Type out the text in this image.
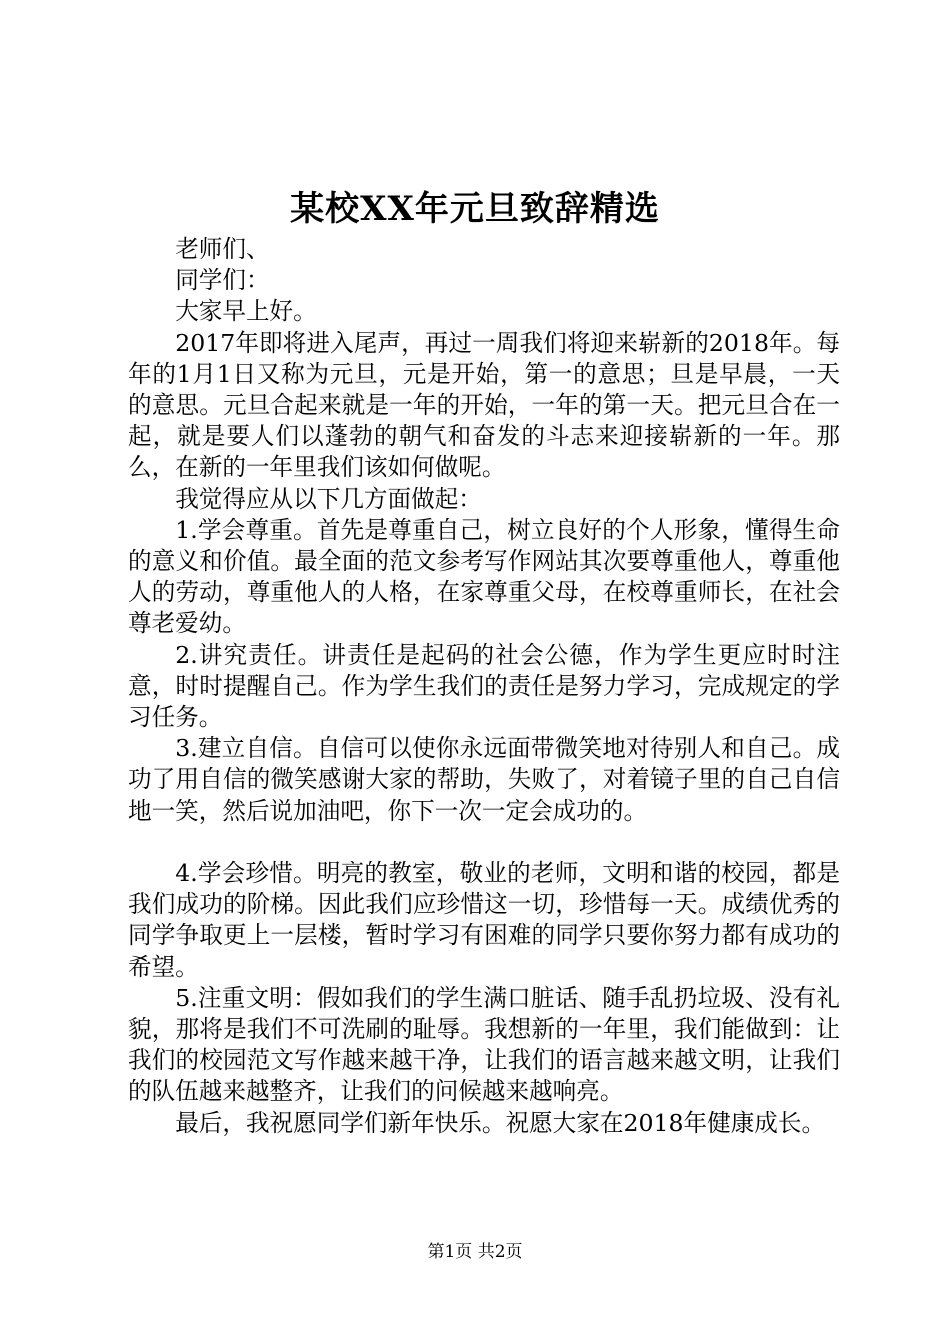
某校XX年元旦致辞精选

老师们、

同学们：

大家早上好。

2017年即将进入尾声，再过一周我们将迎来崭新的2018年。每年的1月1日又称为元旦，元是开始，第一的意思；旦是早晨，一天的意思。元旦合起来就是一年的开始，一年的第一天。把元旦合在一起，就是要人们以蓬勃的朝气和奋发的斗志来迎接崭新的一年。那么，在新的一年里我们该如何做呢。

我觉得应从以下几方面做起：

1.学会尊重。首先是尊重自己，树立良好的个人形象，懂得生命的意义和价值。最全面的范文参考写作网站其次要尊重他人，尊重他人的劳动，尊重他人的人格，在家尊重父母，在校尊重师长，在社会尊老爱幼。

2.讲究责任。讲责任是起码的社会公德，作为学生更应时时注意，时时提醒自己。作为学生我们的责任是努力学习，完成规定的学习任务。

3.建立自信。自信可以使你永远面带微笑地对待别人和自己。成功了用自信的微笑感谢大家的帮助，失败了，对着镜子里的自己自信地一笑，然后说加油吧，你下一次一定会成功的。

4.学会珍惜。明亮的教室，敬业的老师，文明和谐的校园，都是我们成功的阶梯。因此我们应珍惜这一切，珍惜每一天。成绩优秀的同学争取更上一层楼，暂时学习有困难的同学只要你努力都有成功的希望。

5.注重文明：假如我们的学生满口脏话、随手乱扔垃圾、没有礼貌，那将是我们不可洗刷的耻辱。我想新的一年里，我们能做到：让我们的校园范文写作越来越干净，让我们的语言越来越文明，让我们的队伍越来越整齐，让我们的问候越来越响亮。

最后，我祝愿同学们新年快乐。祝愿大家在2018年健康成长。

第1页 共2页
